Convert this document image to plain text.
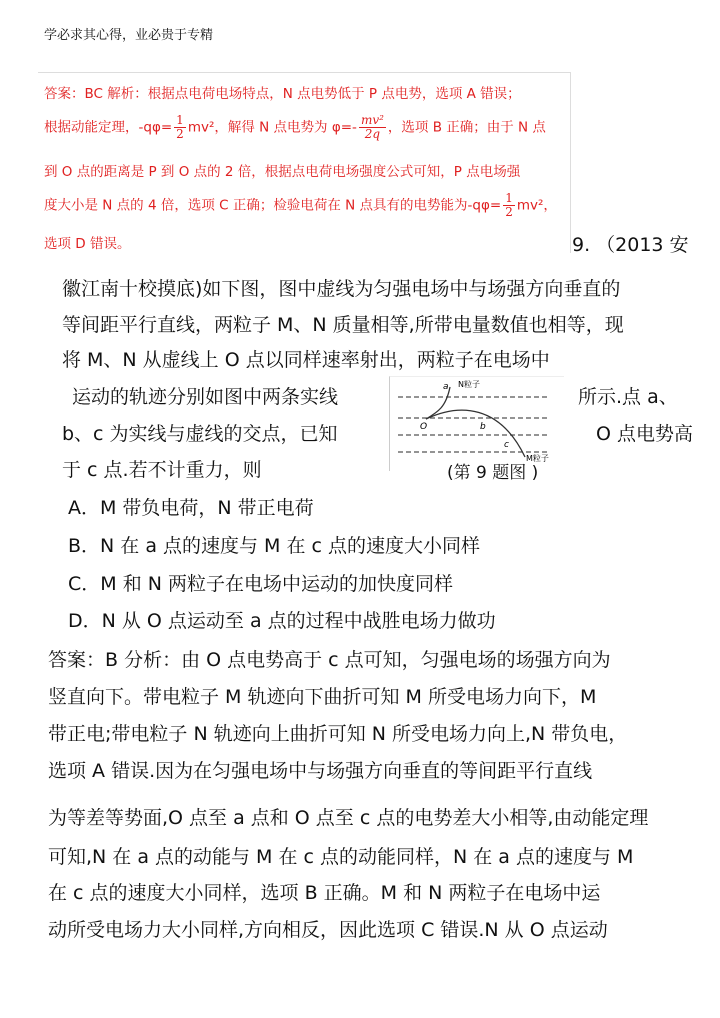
学必求其心得，业必贵于专精
答案：BC 解析：根据点电荷电场特点，N 点电势低于 P 点电势，选项 A 错误；
根据动能定理，$-q\varphi= \frac{1}{2} mv^2$，解得 N 点电势为 $\varphi=- \frac{\text{mv²}}{2q}$ ，选项 B 正确；由于 N 点
到 O 点的距离是 P 到 O 点的 2 倍，根据点电荷电场强度公式可知，P 点电场强
度大小是 N 点的 4 倍，选项 C 正确；检验电荷在 N 点具有的电势能为$-q\varphi= \frac{1}{2} mv^2$，
选项 D 错误。	9. （2013 安
徽江南十校摸底)如下图，图中虚线为匀强电场中与场强方向垂直的
等间距平行直线，两粒子 M、N 质量相等,所带电量数值也相等，现
将 M、N 从虚线上 O 点以同样速率射出，两粒子在电场中
运动的轨迹分别如图中两条实线	所示.点 a、
b、c 为实线与虚线的交点，已知	O 点电势高
于 c 点.若不计重力，则
a N粒子
O	b
c
M粒子
(第 9 题图 )
A．M 带负电荷，N 带正电荷
B．N 在 a 点的速度与 M 在 c 点的速度大小同样
C．M 和 N 两粒子在电场中运动的加快度同样
D．N 从 O 点运动至 a 点的过程中战胜电场力做功
答案：B 分析：由 O 点电势高于 c 点可知，匀强电场的场强方向为
竖直向下。带电粒子 M 轨迹向下曲折可知 M 所受电场力向下，M
带正电;带电粒子 N 轨迹向上曲折可知 N 所受电场力向上,N 带负电，
选项 A 错误.因为在匀强电场中与场强方向垂直的等间距平行直线
为等差等势面,O 点至 a 点和 O 点至 c 点的电势差大小相等,由动能定理
可知,N 在 a 点的动能与 M 在 c 点的动能同样，N 在 a 点的速度与 M
在 c 点的速度大小同样，选项 B 正确。M 和 N 两粒子在电场中运
动所受电场力大小同样,方向相反，因此选项 C 错误.N 从 O 点运动
